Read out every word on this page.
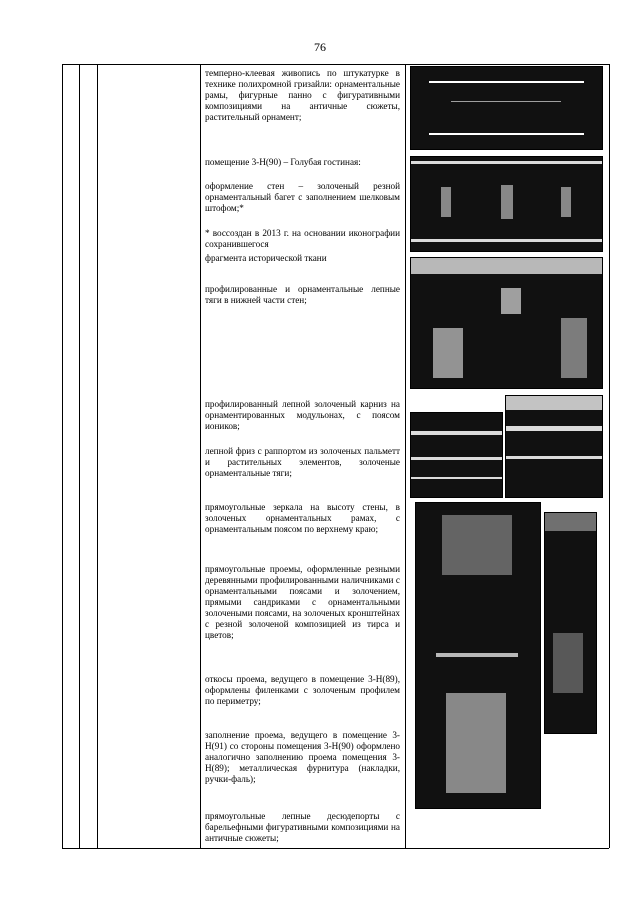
76

темперно-клеевая живопись по штукатурке в технике полихромной гризайли: орнаментальные рамы, фигурные панно с фигуративными композициями на античные сюжеты, растительный орнамент;

помещение 3-Н(90) – Голубая гостиная:

оформление стен – золоченый резной орнаментальный багет с заполнением шелковым штофом;*

* воссоздан в 2013 г. на основании иконографии сохранившегося

фрагмента исторической ткани

профилированные и орнаментальные лепные тяги в нижней части стен;

профилированный лепной золоченый карниз на орнаментированных модульонах, с поясом иоников;

лепной фриз с раппортом из золоченых пальметт и растительных элементов, золоченые орнаментальные тяги;

прямоугольные зеркала на высоту стены, в золоченых орнаментальных рамах, с орнаментальным поясом по верхнему краю;

прямоугольные проемы, оформленные резными деревянными профилированными наличниками с орнаментальными поясами и золочением, прямыми сандриками с орнаментальными золочеными поясами, на золоченых кронштейнах с резной золоченой композицией из тирса и цветов;

откосы проема, ведущего в помещение 3-Н(89), оформлены филенками с золоченым профилем по периметру;

заполнение проема, ведущего в помещение 3-Н(91) со стороны помещения 3-Н(90) оформлено аналогично заполнению проема помещения 3-Н(89); металлическая фурнитура (накладки, ручки-фаль);

прямоугольные лепные десюдепорты с барельефными фигуративными композициями на античные сюжеты;
